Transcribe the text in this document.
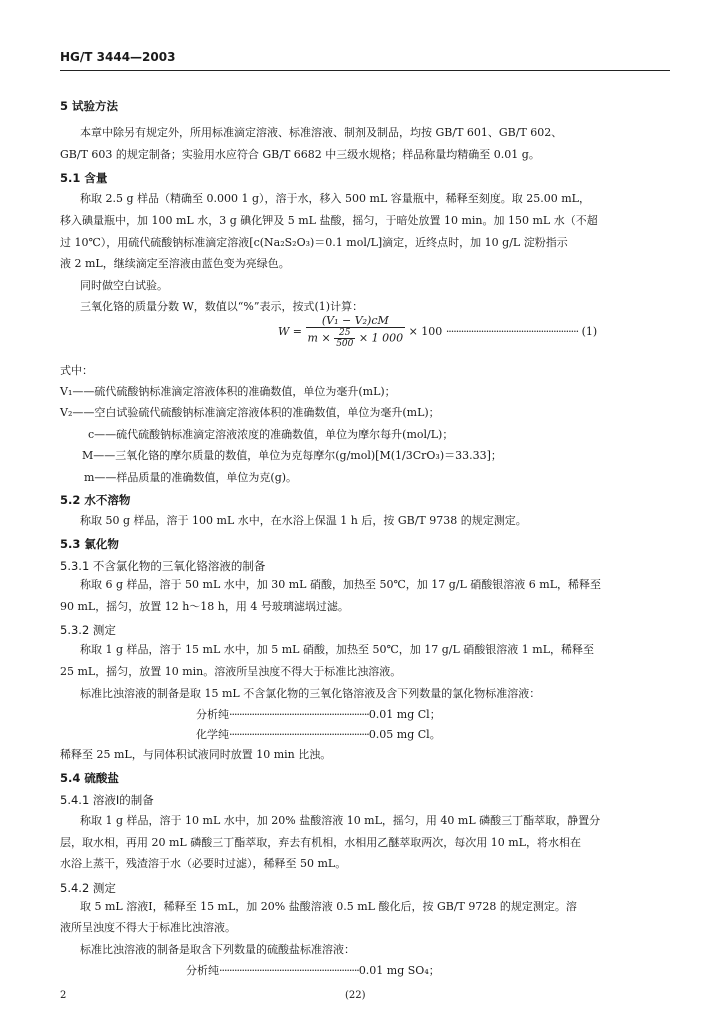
HG/T 3444—2003
5 试验方法
本章中除另有规定外，所用标准滴定溶液、标准溶液、制剂及制品，均按 GB/T 601、GB/T 602、
GB/T 603 的规定制备；实验用水应符合 GB/T 6682 中三级水规格；样品称量均精确至 0.01 g。
5.1 含量
称取 2.5 g 样品（精确至 0.000 1 g），溶于水，移入 500 mL 容量瓶中，稀释至刻度。取 25.00 mL，
移入碘量瓶中，加 100 mL 水，3 g 碘化钾及 5 mL 盐酸，摇匀，于暗处放置 10 min。加 150 mL 水（不超
过 10℃），用硫代硫酸钠标准滴定溶液[c(Na₂S₂O₃)＝0.1 mol/L]滴定，近终点时，加 10 g/L 淀粉指示
液 2 mL，继续滴定至溶液由蓝色变为亮绿色。
同时做空白试验。
三氧化铬的质量分数 W，数值以“%”表示，按式(1)计算：
W =
(V₁ − V₂)cM
$m \times \frac{25}{500} \times 1$ 000 × 100 ····················································· (1)
式中：
V₁——硫代硫酸钠标准滴定溶液体积的准确数值，单位为毫升(mL)；
V₂——空白试验硫代硫酸钠标准滴定溶液体积的准确数值，单位为毫升(mL)；
c——硫代硫酸钠标准滴定溶液浓度的准确数值，单位为摩尔每升(mol/L)；
M——三氧化铬的摩尔质量的数值，单位为克每摩尔(g/mol)[M(1/3CrO₃)＝33.33]；
m——样品质量的准确数值，单位为克(g)。
5.2 水不溶物
称取 50 g 样品，溶于 100 mL 水中，在水浴上保温 1 h 后，按 GB/T 9738 的规定测定。
5.3 氯化物
5.3.1 不含氯化物的三氧化铬溶液的制备
称取 6 g 样品，溶于 50 mL 水中，加 30 mL 硝酸，加热至 50℃，加 17 g/L 硝酸银溶液 6 mL，稀释至
90 mL，摇匀，放置 12 h～18 h，用 4 号玻璃滤埚过滤。
5.3.2 测定
称取 1 g 样品，溶于 15 mL 水中，加 5 mL 硝酸，加热至 50℃，加 17 g/L 硝酸银溶液 1 mL，稀释至
25 mL，摇匀，放置 10 min。溶液所呈浊度不得大于标准比浊溶液。
标准比浊溶液的制备是取 15 mL 不含氯化物的三氧化铬溶液及含下列数量的氯化物标准溶液：
分析纯························································0.01 mg Cl；
化学纯························································0.05 mg Cl。
稀释至 25 mL，与同体积试液同时放置 10 min 比浊。
5.4 硫酸盐
5.4.1 溶液Ⅰ的制备
称取 1 g 样品，溶于 10 mL 水中，加 20% 盐酸溶液 10 mL，摇匀，用 40 mL 磷酸三丁酯萃取，静置分
层，取水相，再用 20 mL 磷酸三丁酯萃取，弃去有机相，水相用乙醚萃取两次，每次用 10 mL，将水相在
水浴上蒸干，残渣溶于水（必要时过滤），稀释至 50 mL。
5.4.2 测定
取 5 mL 溶液Ⅰ，稀释至 15 mL，加 20% 盐酸溶液 0.5 mL 酸化后，按 GB/T 9728 的规定测定。溶
液所呈浊度不得大于标准比浊溶液。
标准比浊溶液的制备是取含下列数量的硫酸盐标准溶液：
分析纯························································0.01 mg SO₄；
2	(22)
